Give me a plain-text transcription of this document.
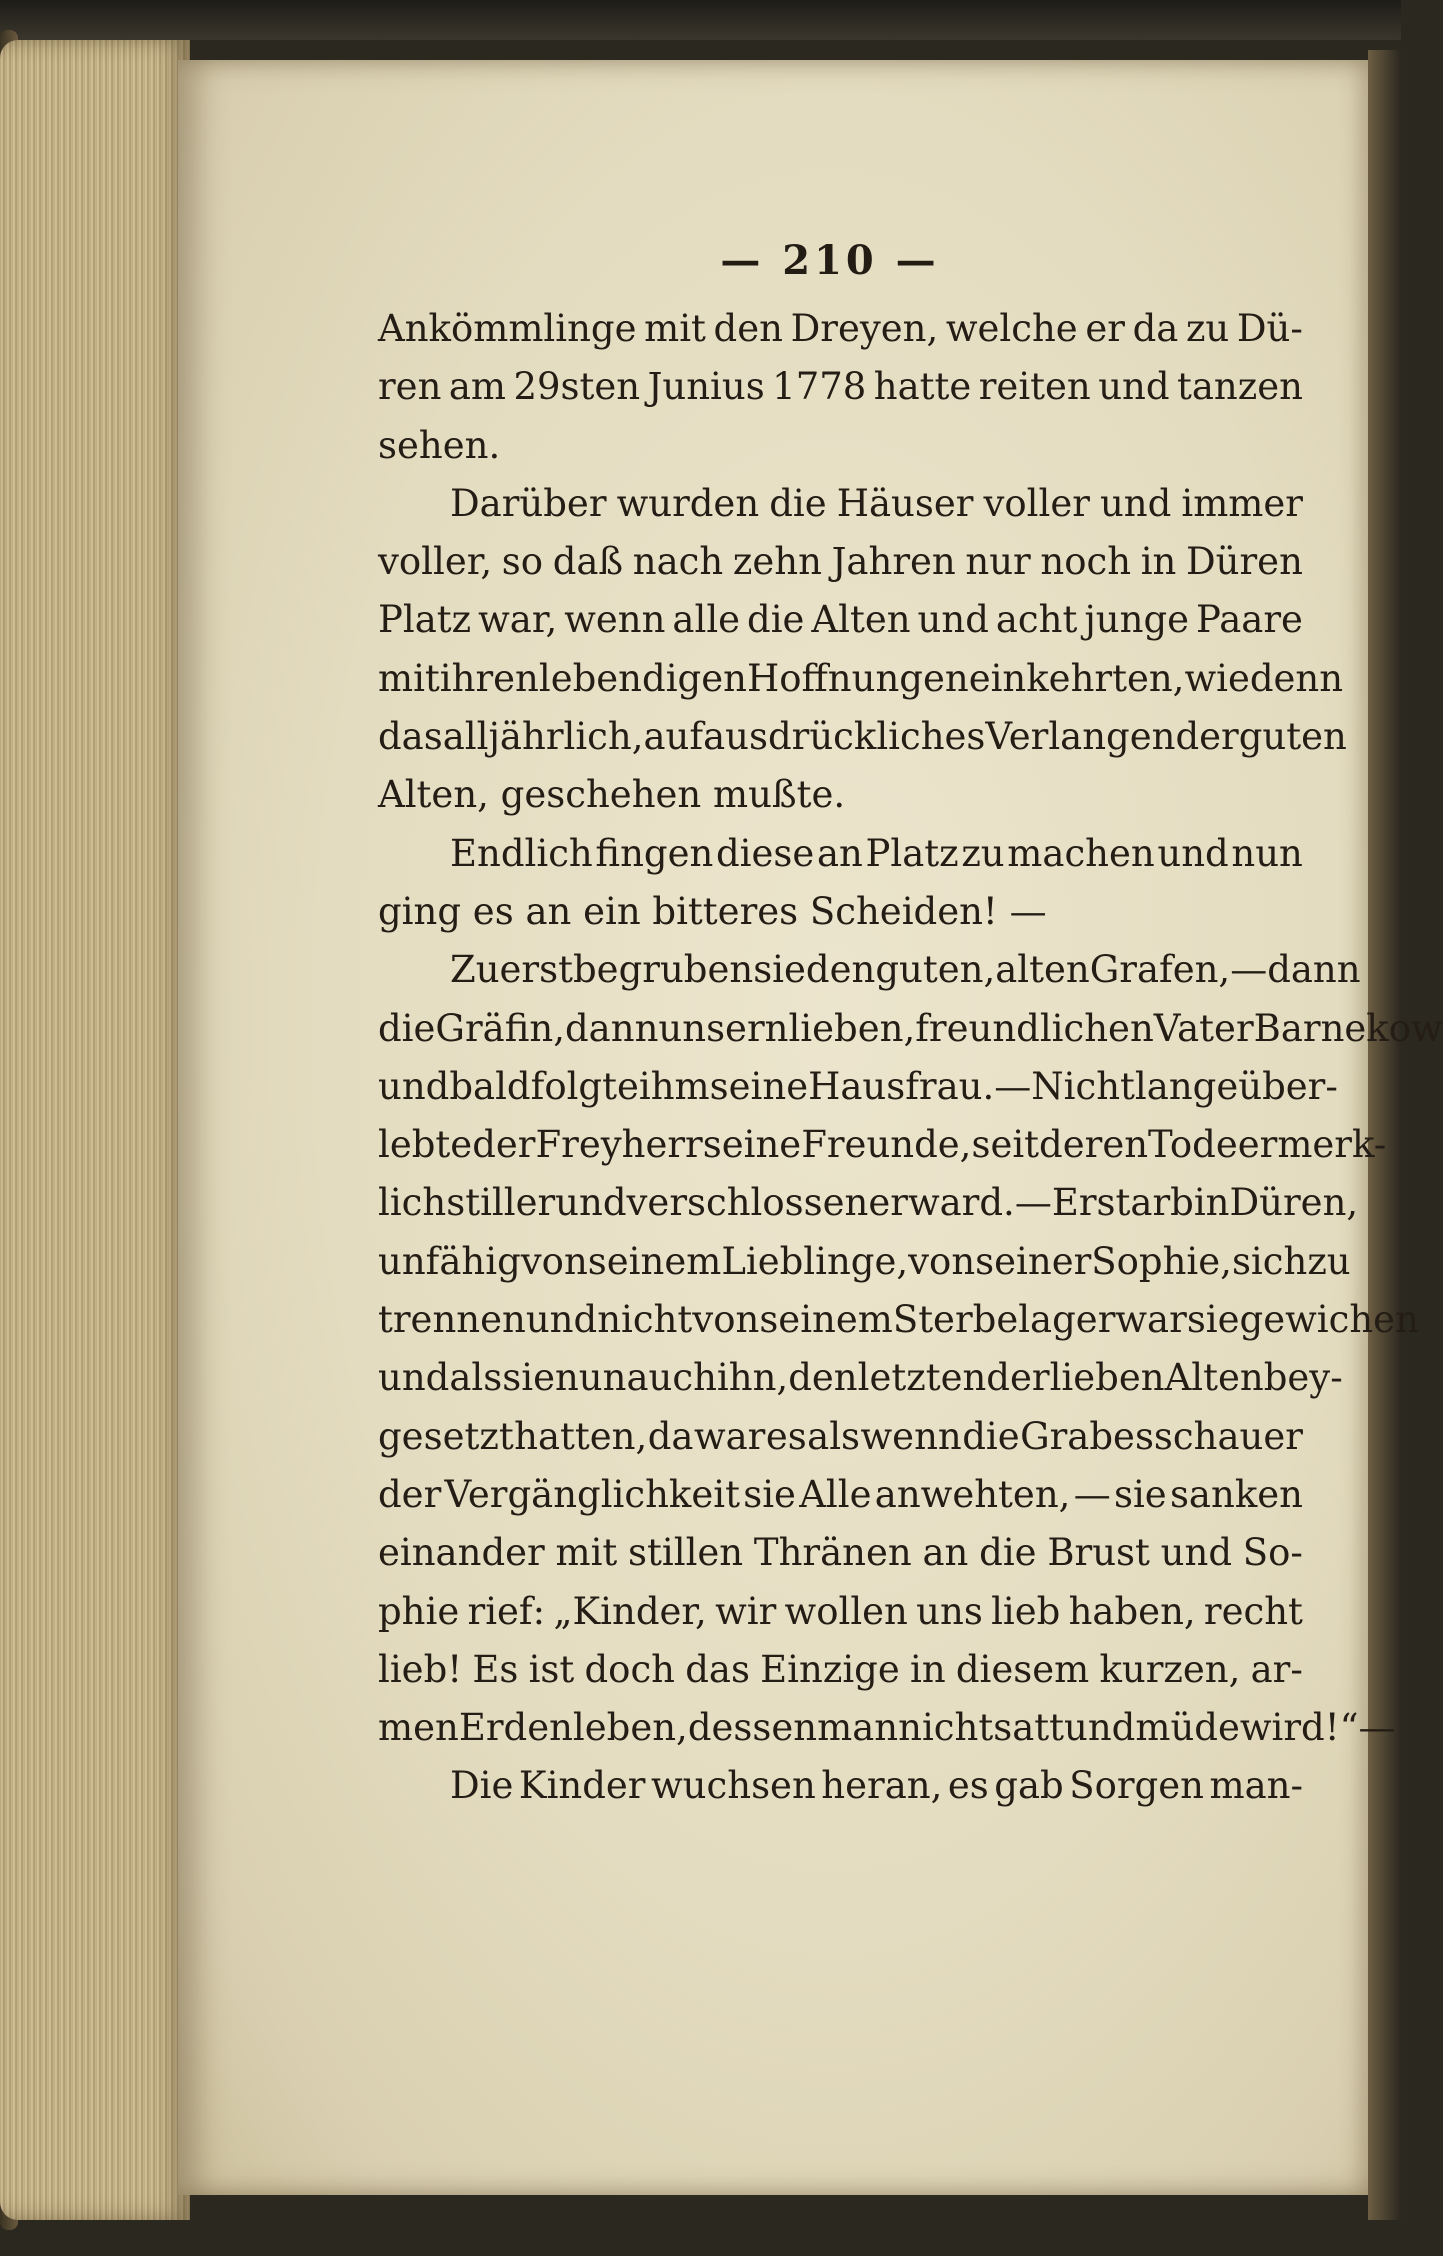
— 210 —
Ankömmlinge mit den Dreyen, welche er da zu Dü-
ren am 29sten Junius 1778 hatte reiten und tanzen
sehen.
Darüber wurden die Häuser voller und immer
voller, so daß nach zehn Jahren nur noch in Düren
Platz war, wenn alle die Alten und acht junge Paare
mit ihren lebendigen Hoffnungen einkehrten, wie denn
das alljährlich, auf ausdrückliches Verlangen der guten
Alten, geschehen mußte.
Endlich fingen diese an Platz zu machen und nun
ging es an ein bitteres Scheiden! —
Zuerst begruben sie den guten, alten Grafen, — dann
die Gräfin, dann unsern lieben, freundlichen Vater Barnekow
und bald folgte ihm seine Hausfrau. — Nicht lange über-
lebte der Freyherr seine Freunde, seit deren Tode er merk-
lich stiller und verschlossener ward. — Er starb in Düren,
unfähig von seinem Lieblinge, von seiner Sophie, sich zu
trennen und nicht von seinem Sterbelager war sie gewichen
und als sie nun auch ihn, den letzten der lieben Alten bey-
gesetzt hatten, da war es als wenn die Grabesschauer
der Vergänglichkeit sie Alle anwehten, — sie sanken
einander mit stillen Thränen an die Brust und So-
phie rief: „Kinder, wir wollen uns lieb haben, recht
lieb! Es ist doch das Einzige in diesem kurzen, ar-
men Erdenleben, dessen man nicht satt und müde wird!“ —
Die Kinder wuchsen heran, es gab Sorgen man-
